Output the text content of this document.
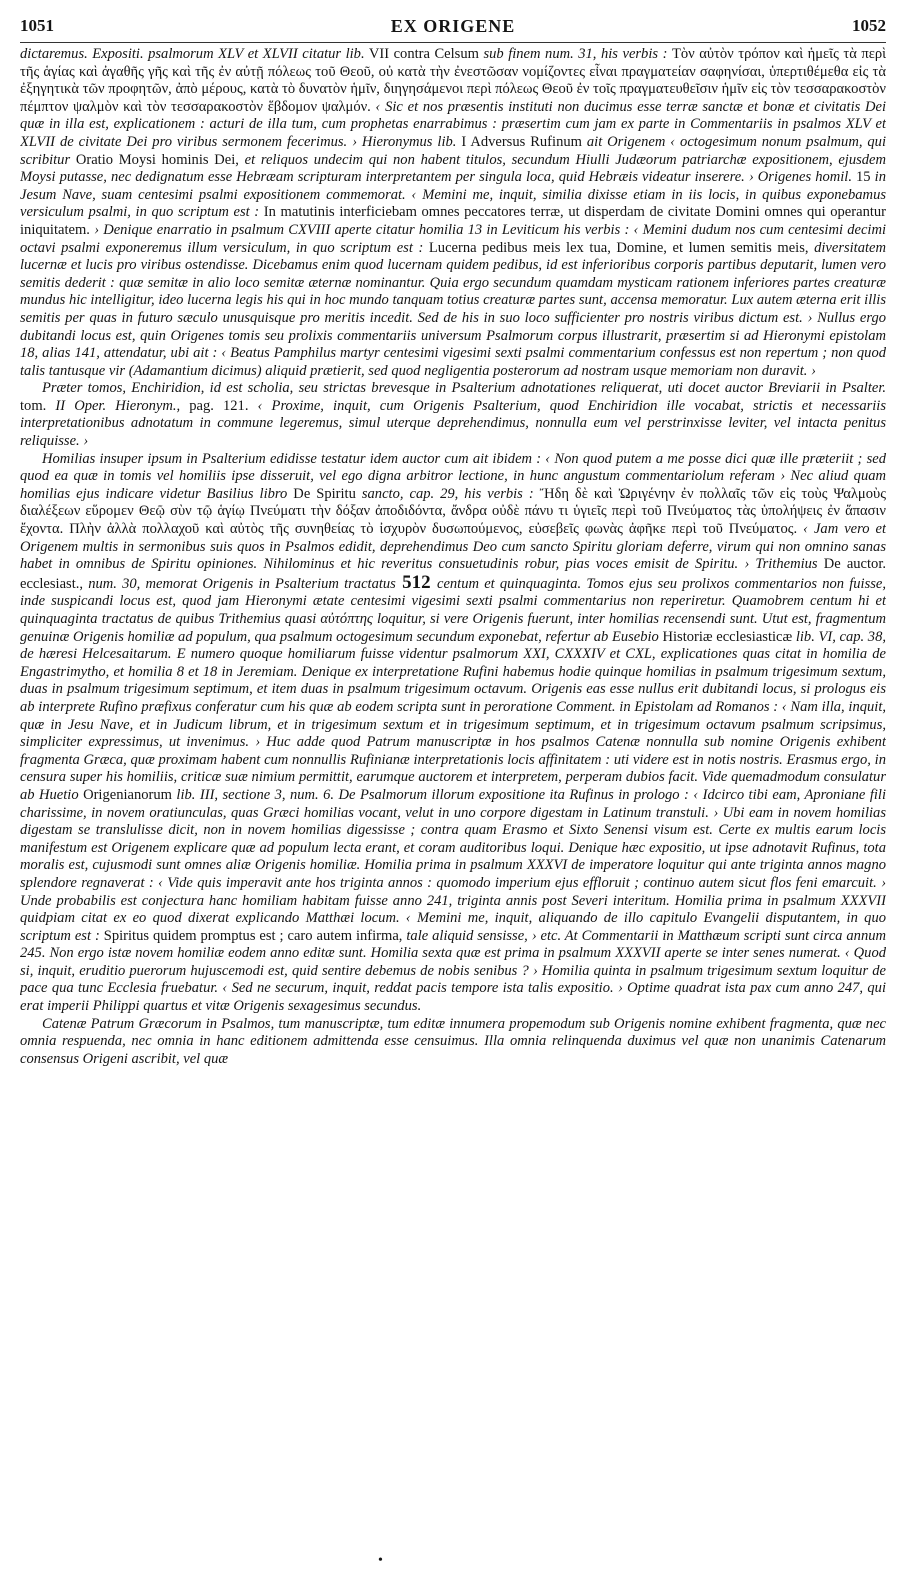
1051	EX ORIGENE	1052

dictaremus. Expositi. psalmorum XLV et XLVII citatur lib. VII contra Celsum sub finem num. 31, his verbis : Τὸν αὐτὸν τρόπον καὶ ἡμεῖς τὰ περὶ τῆς ἁγίας καὶ ἀγαθῆς γῆς καὶ τῆς ἐν αὐτῇ πόλεως τοῦ Θεοῦ, οὐ κατὰ τὴν ἐνεστῶσαν νομίζοντες εἶναι πραγματείαν σαφηνίσαι, ὑπερτιθέμεθα εἰς τὰ ἐξηγητικὰ τῶν προφητῶν, ἀπὸ μέρους, κατὰ τὸ δυνατὸν ἡμῖν, διηγησάμενοι περὶ πόλεως Θεοῦ ἐν τοῖς πραγματευθεῖσιν ἡμῖν εἰς τὸν τεσσαρακοστὸν πέμπτον ψαλμὸν καὶ τὸν τεσσαρακοστὸν ἕβδομον ψαλμόν. ‹ Sic et nos præsentis instituti non ducimus esse terræ sanctæ et bonæ et civitatis Dei quæ in illa est, explicationem : acturi de illa tum, cum prophetas enarrabimus : præsertim cum jam ex parte in Commentariis in psalmos XLV et XLVII de civitate Dei pro viribus sermonem fecerimus. › Hieronymus lib. I Adversus Rufinum ait Origenem ‹ octogesimum nonum psalmum, qui scribitur Oratio Moysi hominis Dei, et reliquos undecim qui non habent titulos, secundum Hiulli Judæorum patriarchæ expositionem, ejusdem Moysi putasse, nec dedignatum esse Hebræam scripturam interpretantem per singula loca, quid Hebræis videatur inserere. › Origenes homil. 15 in Jesum Nave, suam centesimi psalmi expositionem commemorat. ‹ Memini me, inquit, similia dixisse etiam in iis locis, in quibus exponebamus versiculum psalmi, in quo scriptum est : In matutinis interficiebam omnes peccatores terræ, ut disperdam de civitate Domini omnes qui operantur iniquitatem. › Denique enarratio in psalmum CXVIII aperte citatur homilia 13 in Leviticum his verbis : ‹ Memini dudum nos cum centesimi decimi octavi psalmi exponeremus illum versiculum, in quo scriptum est : Lucerna pedibus meis lex tua, Domine, et lumen semitis meis, diversitatem lucernæ et lucis pro viribus ostendisse. Dicebamus enim quod lucernam quidem pedibus, id est inferioribus corporis partibus deputarit, lumen vero semitis dederit : quæ semitæ in alio loco semitæ æternæ nominantur. Quia ergo secundum quamdam mysticam rationem inferiores partes creaturæ mundus hic intelligitur, ideo lucerna legis his qui in hoc mundo tanquam totius creaturæ partes sunt, accensa memoratur. Lux autem æterna erit illis semitis per quas in futuro sæculo unusquisque pro meritis incedit. Sed de his in suo loco sufficienter pro nostris viribus dictum est. › Nullus ergo dubitandi locus est, quin Origenes tomis seu prolixis commentariis universum Psalmorum corpus illustrarit, præsertim si ad Hieronymi epistolam 18, alias 141, attendatur, ubi ait : ‹ Beatus Pamphilus martyr centesimi vigesimi sexti psalmi commentarium confessus est non repertum ; non quod talis tantusque vir (Adamantium dicimus) aliquid prætierit, sed quod negligentia posterorum ad nostram usque memoriam non duravit. ›

Præter tomos, Enchiridion, id est scholia, seu strictas brevesque in Psalterium adnotationes reliquerat, uti docet auctor Breviarii in Psalter. tom. II Oper. Hieronym., pag. 121. ‹ Proxime, inquit, cum Origenis Psalterium, quod Enchiridion ille vocabat, strictis et necessariis interpretationibus adnotatum in commune legeremus, simul uterque deprehendimus, nonnulla eum vel perstrinxisse leviter, vel intacta penitus reliquisse. ›

Homilias insuper ipsum in Psalterium edidisse testatur idem auctor cum ait ibidem : ‹ Non quod putem a me posse dici quæ ille præteriit ; sed quod ea quæ in tomis vel homiliis ipse disseruit, vel ego digna arbitror lectione, in hunc angustum commentariolum referam › Nec aliud quam homilias ejus indicare videtur Basilius libro De Spiritu sancto, cap. 29, his verbis : Ἤδη δὲ καὶ Ὠριγένην ἐν πολλαῖς τῶν εἰς τοὺς Ψαλμοὺς διαλέξεων εὕρομεν Θεῷ σὺν τῷ ἁγίῳ Πνεύματι τὴν δόξαν ἀποδιδόντα, ἄνδρα οὐδὲ πάνυ τι ὑγιεῖς περὶ τοῦ Πνεύματος τὰς ὑπολήψεις ἐν ἅπασιν ἔχοντα. Πλὴν ἀλλὰ πολλαχοῦ καὶ αὐτὸς τῆς συνηθείας τὸ ἰσχυρὸν δυσωπούμενος, εὐσεβεῖς φωνὰς ἀφῆκε περὶ τοῦ Πνεύματος. ‹ Jam vero et Origenem multis in sermonibus suis quos in Psalmos edidit, deprehendimus Deo cum sancto Spiritu gloriam deferre, virum qui non omnino sanas habet in omnibus de Spiritu opiniones. Nihilominus et hic reveritus consuetudinis robur, pias voces emisit de Spiritu. › Trithemius De auctor. ecclesiast., num. 30, memorat Origenis in Psalterium tractatus 512 centum et quinquaginta. Tomos ejus seu prolixos commentarios non fuisse, inde suspicandi locus est, quod jam Hieronymi ætate centesimi vigesimi sexti psalmi commentarius non reperiretur. Quamobrem centum hi et quinquaginta tractatus de quibus Trithemius quasi αὐτόπτης loquitur, si vere Origenis fuerunt, inter homilias recensendi sunt. Utut est, fragmentum genuinæ Origenis homiliæ ad populum, qua psalmum octogesimum secundum exponebat, refertur ab Eusebio Historiæ ecclesiasticæ lib. VI, cap. 38, de hæresi Helcesaitarum. E numero quoque homiliarum fuisse videntur psalmorum XXI, CXXXIV et CXL, explicationes quas citat in homilia de Engastrimytho, et homilia 8 et 18 in Jeremiam. Denique ex interpretatione Rufini habemus hodie quinque homilias in psalmum trigesimum sextum, duas in psalmum trigesimum septimum, et item duas in psalmum trigesimum octavum. Origenis eas esse nullus erit dubitandi locus, si prologus eis ab interprete Rufino præfixus conferatur cum his quæ ab eodem scripta sunt in peroratione Comment. in Epistolam ad Romanos : ‹ Nam illa, inquit, quæ in Jesu Nave, et in Judicum librum, et in trigesimum sextum et in trigesimum septimum, et in trigesimum octavum psalmum scripsimus, simpliciter expressimus, ut invenimus. › Huc adde quod Patrum manuscriptæ in hos psalmos Catenæ nonnulla sub nomine Origenis exhibent fragmenta Græca, quæ proximam habent cum nonnullis Rufinianæ interpretationis locis affinitatem : uti videre est in notis nostris. Erasmus ergo, in censura super his homiliis, criticæ suæ nimium permittit, earumque auctorem et interpretem, perperam dubios facit. Vide quemadmodum consulatur ab Huetio Origenianorum lib. III, sectione 3, num. 6. De Psalmorum illorum expositione ita Rufinus in prologo : ‹ Idcirco tibi eam, Aproniane fili charissime, in novem oratiunculas, quas Græci homilias vocant, velut in uno corpore digestam in Latinum transtuli. › Ubi eam in novem homilias digestam se translulisse dicit, non in novem homilias digessisse ; contra quam Erasmo et Sixto Senensi visum est. Certe ex multis earum locis manifestum est Origenem explicare quæ ad populum lecta erant, et coram auditoribus loqui. Denique hæc expositio, ut ipse adnotavit Rufinus, tota moralis est, cujusmodi sunt omnes aliæ Origenis homiliæ. Homilia prima in psalmum XXXVI de imperatore loquitur qui ante triginta annos magno splendore regnaverat : ‹ Vide quis imperavit ante hos triginta annos : quomodo imperium ejus effloruit ; continuo autem sicut flos feni emarcuit. › Unde probabilis est conjectura hanc homiliam habitam fuisse anno 241, triginta annis post Severi interitum. Homilia prima in psalmum XXXVII quidpiam citat ex eo quod dixerat explicando Matthæi locum. ‹ Memini me, inquit, aliquando de illo capitulo Evangelii disputantem, in quo scriptum est : Spiritus quidem promptus est ; caro autem infirma, tale aliquid sensisse, › etc. At Commentarii in Matthæum scripti sunt circa annum 245. Non ergo istæ novem homiliæ eodem anno editæ sunt. Homilia sexta quæ est prima in psalmum XXXVII aperte se inter senes numerat. ‹ Quod si, inquit, eruditio puerorum hujuscemodi est, quid sentire debemus de nobis senibus ? › Homilia quinta in psalmum trigesimum sextum loquitur de pace qua tunc Ecclesia fruebatur. ‹ Sed ne securum, inquit, reddat pacis tempore ista talis expositio. › Optime quadrat ista pax cum anno 247, qui erat imperii Philippi quartus et vitæ Origenis sexagesimus secundus.

Catenæ Patrum Græcorum in Psalmos, tum manuscriptæ, tum editæ innumera propemodum sub Origenis nomine exhibent fragmenta, quæ nec omnia respuenda, nec omnia in hanc editionem admittenda esse censuimus. Illa omnia relinquenda duximus vel quæ non unanimis Catenarum consensus Origeni ascribit, vel quæ

•
